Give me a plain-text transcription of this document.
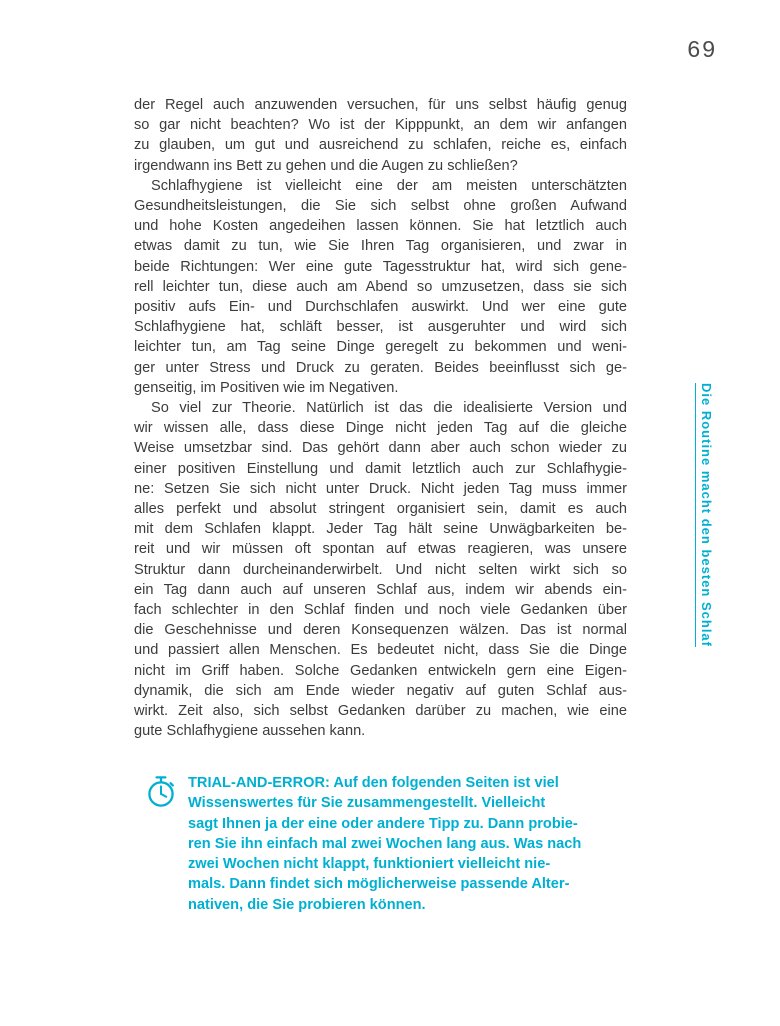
69
der Regel auch anzuwenden versuchen, für uns selbst häufig genug
so gar nicht beachten? Wo ist der Kipppunkt, an dem wir anfangen
zu glauben, um gut und ausreichend zu schlafen, reiche es, einfach
irgendwann ins Bett zu gehen und die Augen zu schließen?
Schlafhygiene ist vielleicht eine der am meisten unterschätzten
Gesundheitsleistungen, die Sie sich selbst ohne großen Aufwand
und hohe Kosten angedeihen lassen können. Sie hat letztlich auch
etwas damit zu tun, wie Sie Ihren Tag organisieren, und zwar in
beide Richtungen: Wer eine gute Tagesstruktur hat, wird sich gene-
rell leichter tun, diese auch am Abend so umzusetzen, dass sie sich
positiv aufs Ein- und Durchschlafen auswirkt. Und wer eine gute
Schlafhygiene hat, schläft besser, ist ausgeruhter und wird sich
leichter tun, am Tag seine Dinge geregelt zu bekommen und weni-
ger unter Stress und Druck zu geraten. Beides beeinflusst sich ge-
genseitig, im Positiven wie im Negativen.
So viel zur Theorie. Natürlich ist das die idealisierte Version und
wir wissen alle, dass diese Dinge nicht jeden Tag auf die gleiche
Weise umsetzbar sind. Das gehört dann aber auch schon wieder zu
einer positiven Einstellung und damit letztlich auch zur Schlafhygie-
ne: Setzen Sie sich nicht unter Druck. Nicht jeden Tag muss immer
alles perfekt und absolut stringent organisiert sein, damit es auch
mit dem Schlafen klappt. Jeder Tag hält seine Unwägbarkeiten be-
reit und wir müssen oft spontan auf etwas reagieren, was unsere
Struktur dann durcheinanderwirbelt. Und nicht selten wirkt sich so
ein Tag dann auch auf unseren Schlaf aus, indem wir abends ein-
fach schlechter in den Schlaf finden und noch viele Gedanken über
die Geschehnisse und deren Konsequenzen wälzen. Das ist normal
und passiert allen Menschen. Es bedeutet nicht, dass Sie die Dinge
nicht im Griff haben. Solche Gedanken entwickeln gern eine Eigen-
dynamik, die sich am Ende wieder negativ auf guten Schlaf aus-
wirkt. Zeit also, sich selbst Gedanken darüber zu machen, wie eine
gute Schlafhygiene aussehen kann.
TRIAL-AND-ERROR: Auf den folgenden Seiten ist viel
Wissenswertes für Sie zusammengestellt. Vielleicht
sagt Ihnen ja der eine oder andere Tipp zu. Dann probie-
ren Sie ihn einfach mal zwei Wochen lang aus. Was nach
zwei Wochen nicht klappt, funktioniert vielleicht nie-
mals. Dann findet sich möglicherweise passende Alter-
nativen, die Sie probieren können.
Die Routine macht den besten Schlaf
